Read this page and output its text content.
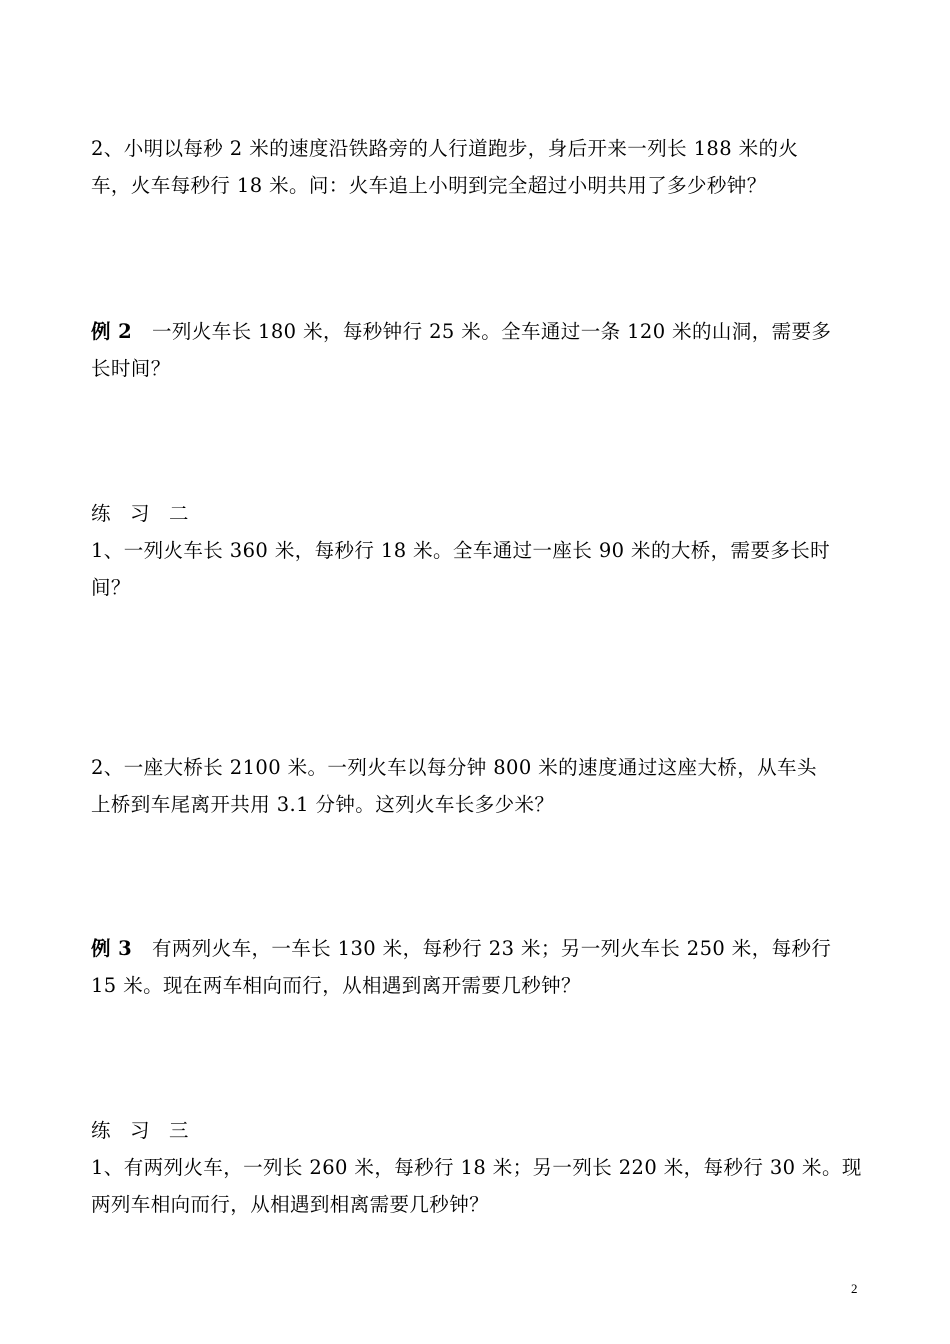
2、小明以每秒 2 米的速度沿铁路旁的人行道跑步，身后开来一列长 188 米的火
车，火车每秒行 18 米。问：火车追上小明到完全超过小明共用了多少秒钟？
例 2　一列火车长 180 米，每秒钟行 25 米。全车通过一条 120 米的山洞，需要多
长时间？
练　习　二
1、一列火车长 360 米，每秒行 18 米。全车通过一座长 90 米的大桥，需要多长时
间？
2、一座大桥长 2100 米。一列火车以每分钟 800 米的速度通过这座大桥，从车头
上桥到车尾离开共用 3.1 分钟。这列火车长多少米？
例 3　有两列火车，一车长 130 米，每秒行 23 米；另一列火车长 250 米，每秒行
15 米。现在两车相向而行，从相遇到离开需要几秒钟？
练　习　三
1、有两列火车，一列长 260 米，每秒行 18 米；另一列长 220 米，每秒行 30 米。现
两列车相向而行，从相遇到相离需要几秒钟？
2
